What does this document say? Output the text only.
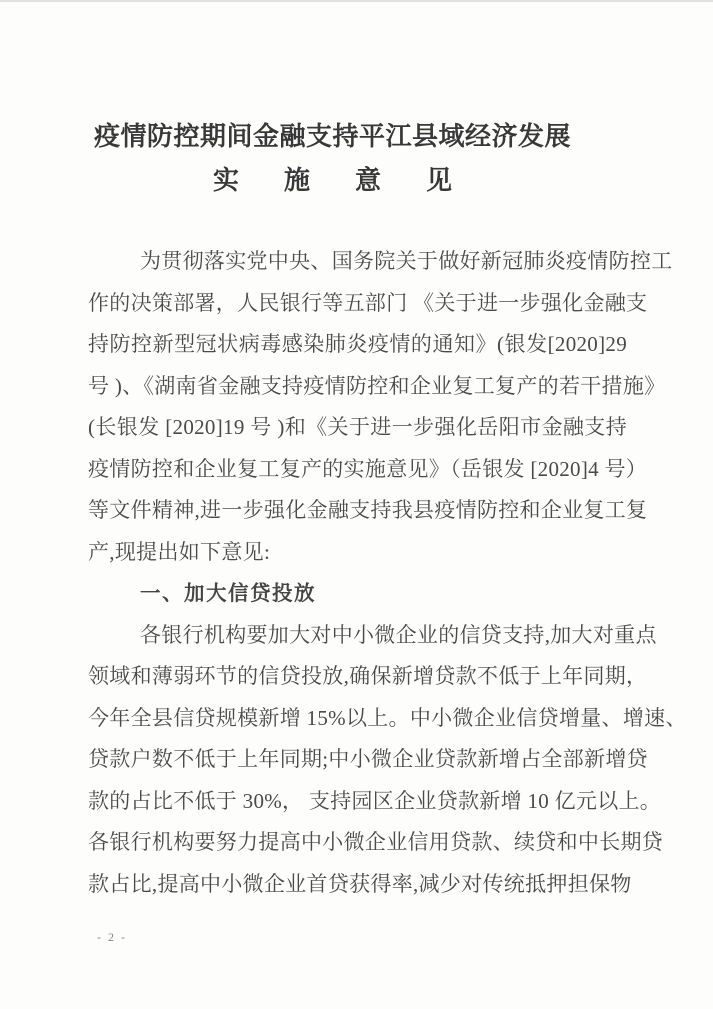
疫情防控期间金融支持平江县域经济发展
实施意见
为贯彻落实党中央、国务院关于做好新冠肺炎疫情防控工
作的决策部署，人民银行等五部门 《关于进一步强化金融支
持防控新型冠状病毒感染肺炎疫情的通知》(银发[2020]29
号 )、《湖南省金融支持疫情防控和企业复工复产的若干措施》
(长银发 [2020]19 号 )和《关于进一步强化岳阳市金融支持
疫情防控和企业复工复产的实施意见》（岳银发 [2020]4 号）
等文件精神,进一步强化金融支持我县疫情防控和企业复工复
产,现提出如下意见:
一、加大信贷投放
各银行机构要加大对中小微企业的信贷支持,加大对重点
领域和薄弱环节的信贷投放,确保新增贷款不低于上年同期，
今年全县信贷规模新增 15%以上。中小微企业信贷增量、增速、
贷款户数不低于上年同期;中小微企业贷款新增占全部新增贷
款的占比不低于 30%， 支持园区企业贷款新增 10 亿元以上。
各银行机构要努力提高中小微企业信用贷款、续贷和中长期贷
款占比,提高中小微企业首贷获得率,减少对传统抵押担保物
- 2 -
